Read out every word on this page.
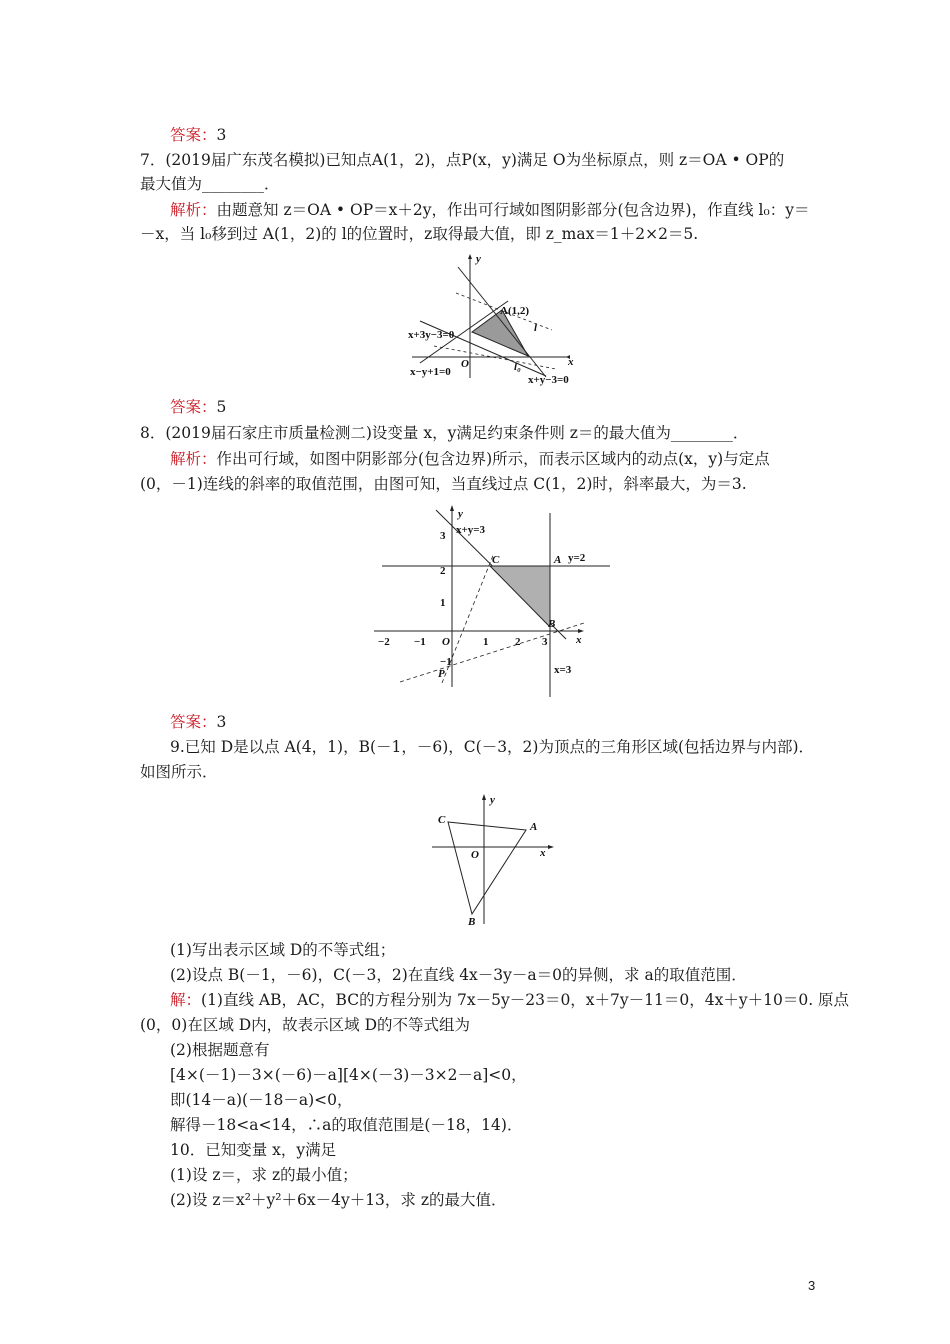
答案：3
7．(2019届广东茂名模拟)已知点A(1，2)，点P(x，y)满足 O为坐标原点，则 z＝OA • OP的
最大值为________．
解析：由题意知 z＝OA • OP＝x＋2y，作出可行域如图阴影部分(包含边界)，作直线 l₀：y＝
－x，当 l₀移到过 A(1，2)的 l的位置时，z取得最大值，即 z_max＝1＋2×2＝5.
y
x
O
A(1,2)
l
l₀
x+3y−3=0
x−y+1=0
x+y−3=0
答案：5
8．(2019届石家庄市质量检测二)设变量 x，y满足约束条件则 z＝的最大值为________．
解析：作出可行域，如图中阴影部分(包含边界)所示，而表示区域内的动点(x，y)与定点
(0，－1)连线的斜率的取值范围，由图可知，当直线过点 C(1，2)时，斜率最大，为＝3.
y
x
O
C	A
B
P
x+y=3
y=2
x=3
−2 −1	1 2 3
3
2
1
−1
答案：3
9.已知 D是以点 A(4，1)，B(－1，－6)，C(－3，2)为顶点的三角形区域(包括边界与内部)．
如图所示．
y
x
O
A
B
C
(1)写出表示区域 D的不等式组；
(2)设点 B(－1，－6)，C(－3，2)在直线 4x－3y－a＝0的异侧，求 a的取值范围．
解：(1)直线 AB，AC，BC的方程分别为 7x－5y－23＝0，x＋7y－11＝0，4x＋y＋10＝0. 原点
(0，0)在区域 D内，故表示区域 D的不等式组为
(2)根据题意有
[4×(－1)－3×(－6)－a][4×(－3)－3×2－a]<0，
即(14－a)(－18－a)<0，
解得－18<a<14，∴a的取值范围是(－18，14)．
10．已知变量 x，y满足
(1)设 z＝，求 z的最小值；
(2)设 z＝x²＋y²＋6x－4y＋13，求 z的最大值．
3
